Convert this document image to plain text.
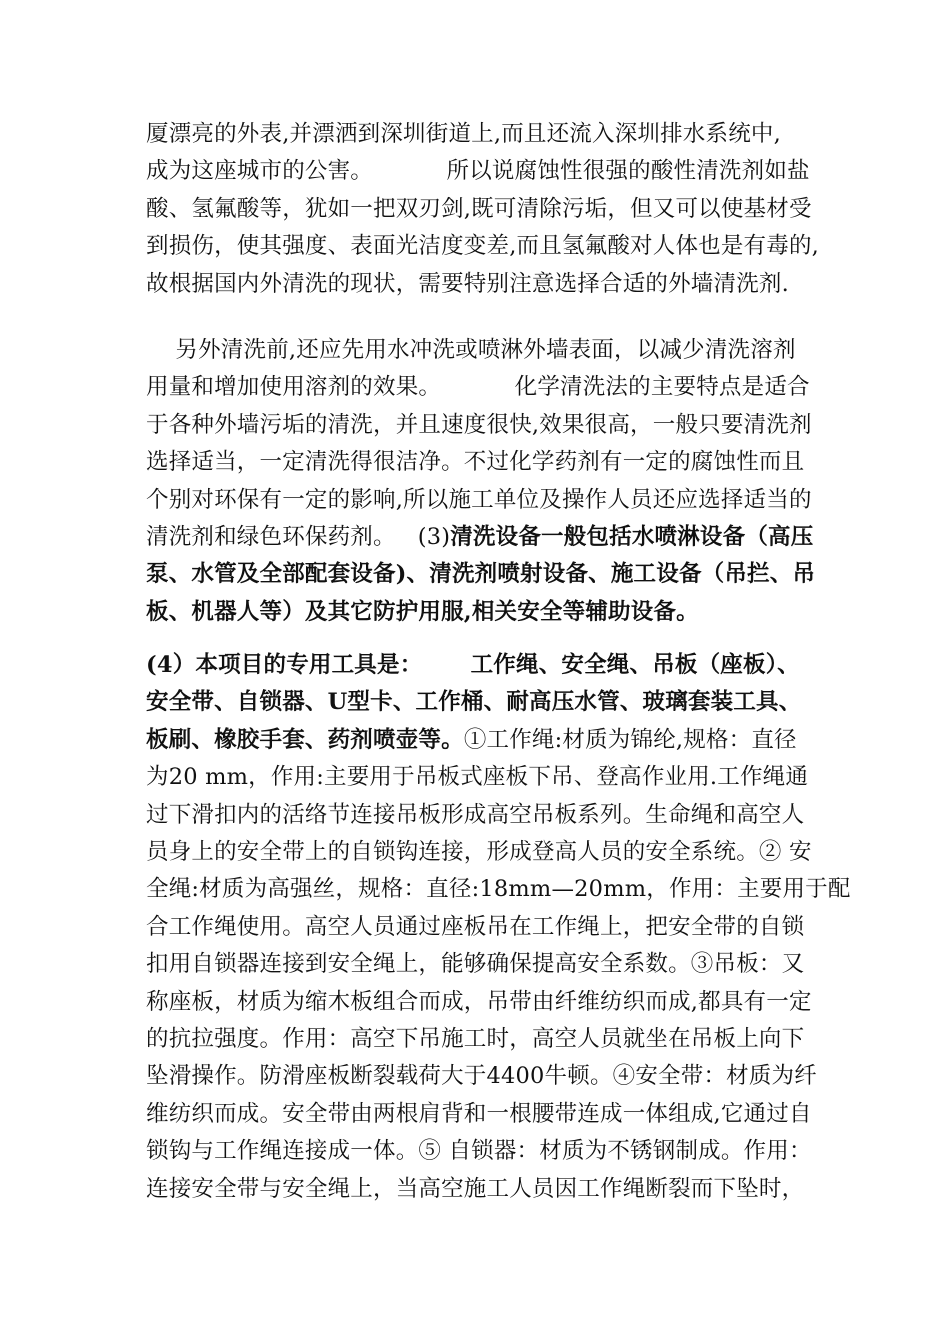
厦漂亮的外表,并漂洒到深圳街道上,而且还流入深圳排水系统中,
成为这座城市的公害。          所以说腐蚀性很强的酸性清洗剂如盐
酸、氢氟酸等，犹如一把双刃剑,既可清除污垢，但又可以使基材受
到损伤，使其强度、表面光洁度变差,而且氢氟酸对人体也是有毒的,
故根据国内外清洗的现状，需要特别注意选择合适的外墙清洗剂.
另外清洗前,还应先用水冲洗或喷淋外墙表面，以减少清洗溶剂
用量和增加使用溶剂的效果。          化学清洗法的主要特点是适合
于各种外墙污垢的清洗，并且速度很快,效果很高，一般只要清洗剂
选择适当，一定清洗得很洁净。不过化学药剂有一定的腐蚀性而且
个别对环保有一定的影响,所以施工单位及操作人员还应选择适当的
清洗剂和绿色环保药剂。   (3)清洗设备一般包括水喷淋设备（高压
泵、水管及全部配套设备)、清洗剂喷射设备、施工设备（吊拦、吊
板、机器人等）及其它防护用服,相关安全等辅助设备。
(4）本项目的专用工具是：      工作绳、安全绳、吊板（座板）、
安全带、自锁器、U型卡、工作桶、耐高压水管、玻璃套装工具、
板刷、橡胶手套、药剂喷壶等。①工作绳:材质为锦纶,规格：直径
为20 mm，作用:主要用于吊板式座板下吊、登高作业用.工作绳通
过下滑扣内的活络节连接吊板形成高空吊板系列。生命绳和高空人
员身上的安全带上的自锁钩连接，形成登高人员的安全系统。② 安
全绳:材质为高强丝，规格：直径:18mm—20mm，作用：主要用于配
合工作绳使用。高空人员通过座板吊在工作绳上，把安全带的自锁
扣用自锁器连接到安全绳上，能够确保提高安全系数。③吊板：又
称座板，材质为缩木板组合而成，吊带由纤维纺织而成,都具有一定
的抗拉强度。作用：高空下吊施工时，高空人员就坐在吊板上向下
坠滑操作。防滑座板断裂载荷大于4400牛顿。④安全带：材质为纤
维纺织而成。安全带由两根肩背和一根腰带连成一体组成,它通过自
锁钩与工作绳连接成一体。⑤ 自锁器：材质为不锈钢制成。作用：
连接安全带与安全绳上，当高空施工人员因工作绳断裂而下坠时，
